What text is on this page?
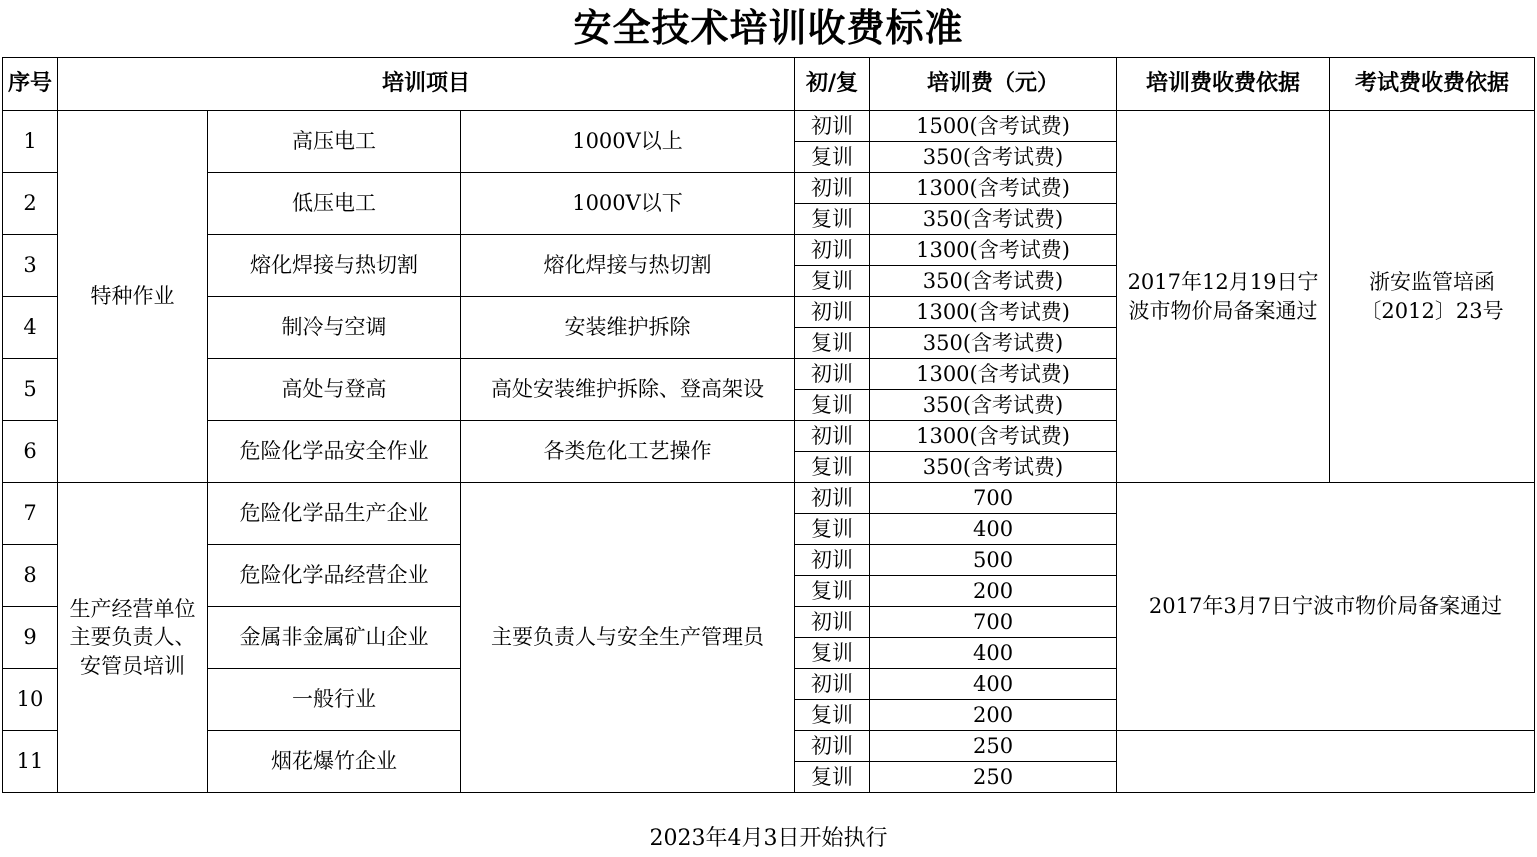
安全技术培训收费标准
序号	培训项目			初/复	培训费（元）	培训费收费依据	考试费收费依据
1	特种作业	高压电工	1000V以上	初训	1500(含考试费)	2017年12月19日宁波市物价局备案通过	浙安监管培函〔2012〕23号
				复训	350(含考试费)		
2		低压电工	1000V以下	初训	1300(含考试费)		
				复训	350(含考试费)		
3		熔化焊接与热切割	熔化焊接与热切割	初训	1300(含考试费)		
				复训	350(含考试费)		
4		制冷与空调	安装维护拆除	初训	1300(含考试费)		
				复训	350(含考试费)		
5		高处与登高	高处安装维护拆除、登高架设	初训	1300(含考试费)		
				复训	350(含考试费)		
6		危险化学品安全作业	各类危化工艺操作	初训	1300(含考试费)		
				复训	350(含考试费)		
7	生产经营单位主要负责人、安管员培训	危险化学品生产企业	主要负责人与安全生产管理员	初训	700	2017年3月7日宁波市物价局备案通过	
				复训	400		
8		危险化学品经营企业		初训	500		
				复训	200		
9		金属非金属矿山企业		初训	700		
				复训	400		
10		一般行业		初训	400		
				复训	200		
11		烟花爆竹企业		初训	250		
				复训	250		
2023年4月3日开始执行
